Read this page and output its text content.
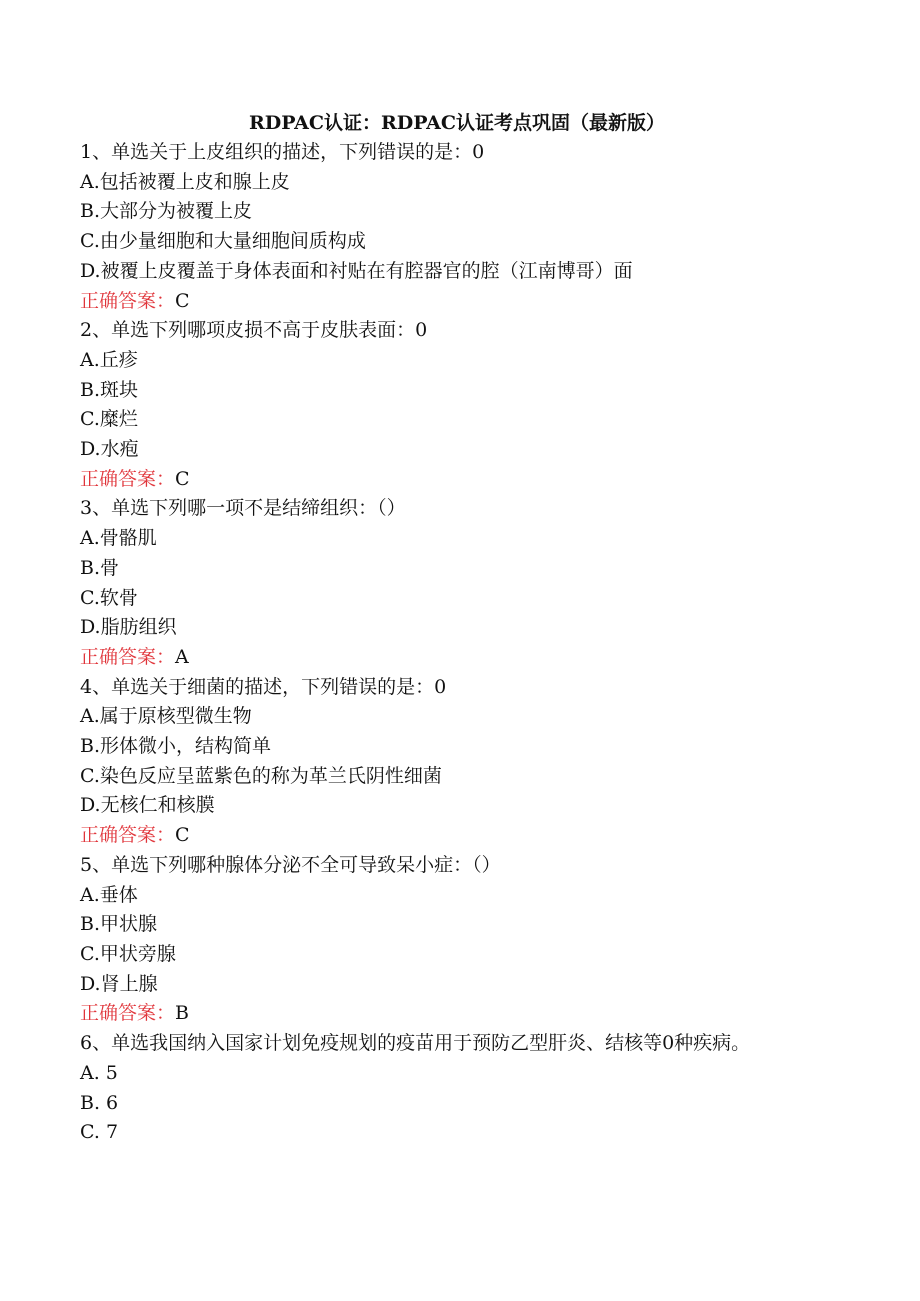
RDPAC认证：RDPAC认证考点巩固（最新版）

1、单选关于上皮组织的描述，下列错误的是：0

A.包括被覆上皮和腺上皮

B.大部分为被覆上皮

C.由少量细胞和大量细胞间质构成

D.被覆上皮覆盖于身体表面和衬贴在有腔器官的腔（江南博哥）面

正确答案：C

2、单选下列哪项皮损不高于皮肤表面：0

A.丘疹

B.斑块

C.糜烂

D.水疱

正确答案：C

3、单选下列哪一项不是结缔组织：（）

A.骨骼肌

B.骨

C.软骨

D.脂肪组织

正确答案：A

4、单选关于细菌的描述，下列错误的是：0

A.属于原核型微生物

B.形体微小，结构简单

C.染色反应呈蓝紫色的称为革兰氏阴性细菌

D.无核仁和核膜

正确答案：C

5、单选下列哪种腺体分泌不全可导致呆小症：（）

A.垂体

B.甲状腺

C.甲状旁腺

D.肾上腺

正确答案：B

6、单选我国纳入国家计划免疫规划的疫苗用于预防乙型肝炎、结核等0种疾病。

A. 5

B. 6

C. 7
